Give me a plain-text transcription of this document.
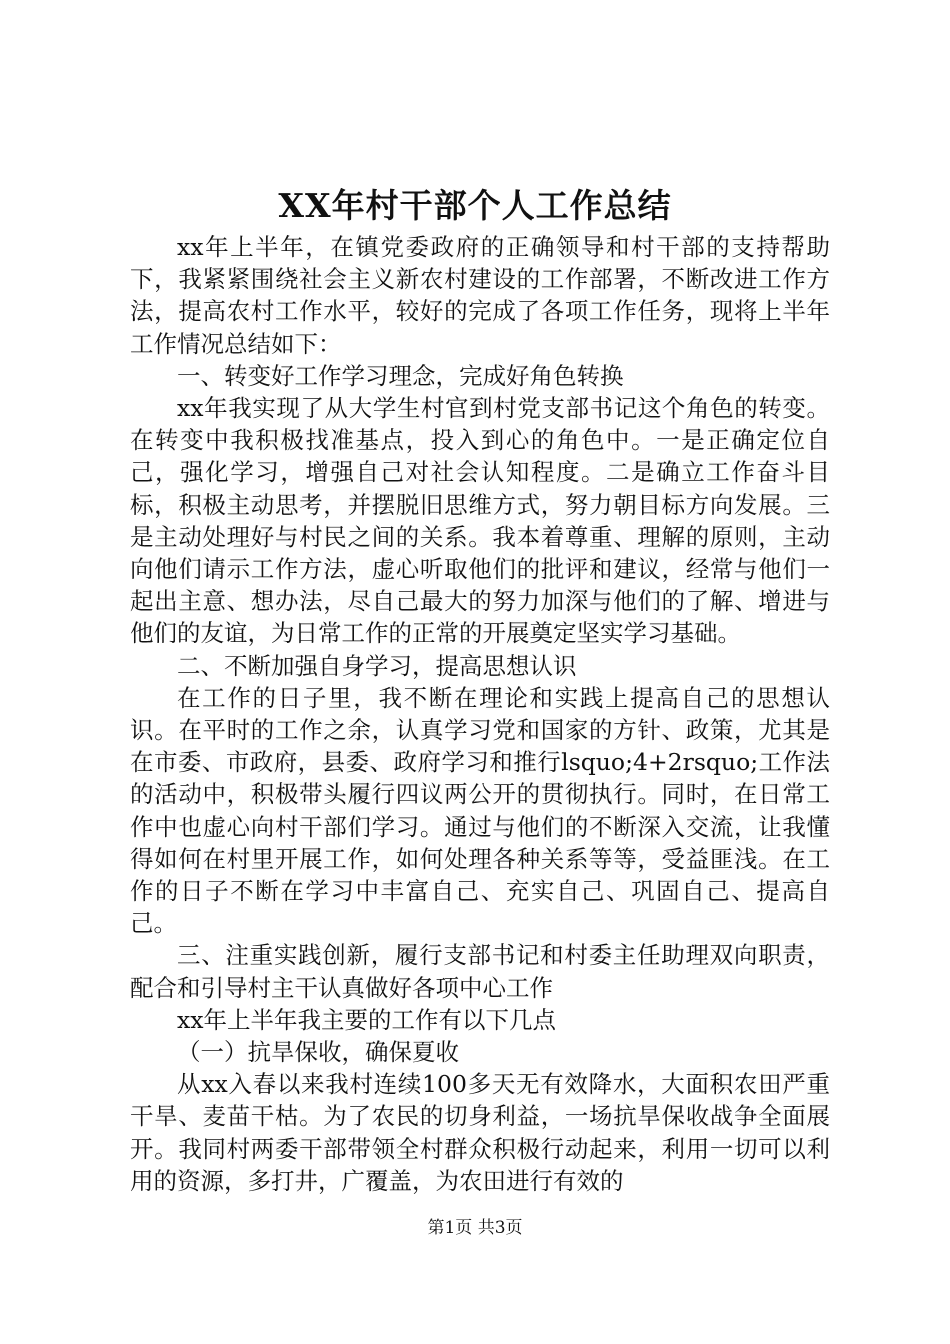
XX年村干部个人工作总结

xx年上半年，在镇党委政府的正确领导和村干部的支持帮助下，我紧紧围绕社会主义新农村建设的工作部署，不断改进工作方法，提高农村工作水平，较好的完成了各项工作任务，现将上半年工作情况总结如下：

一、转变好工作学习理念，完成好角色转换

xx年我实现了从大学生村官到村党支部书记这个角色的转变。在转变中我积极找准基点，投入到心的角色中。一是正确定位自己，强化学习，增强自己对社会认知程度。二是确立工作奋斗目标，积极主动思考，并摆脱旧思维方式，努力朝目标方向发展。三是主动处理好与村民之间的关系。我本着尊重、理解的原则，主动向他们请示工作方法，虚心听取他们的批评和建议，经常与他们一起出主意、想办法，尽自己最大的努力加深与他们的了解、增进与他们的友谊，为日常工作的正常的开展奠定坚实学习基础。

二、不断加强自身学习，提高思想认识

在工作的日子里，我不断在理论和实践上提高自己的思想认识。在平时的工作之余，认真学习党和国家的方针、政策，尤其是在市委、市政府，县委、政府学习和推行lsquo;4+2rsquo;工作法的活动中，积极带头履行四议两公开的贯彻执行。同时，在日常工作中也虚心向村干部们学习。通过与他们的不断深入交流，让我懂得如何在村里开展工作，如何处理各种关系等等，受益匪浅。在工作的日子不断在学习中丰富自己、充实自己、巩固自己、提高自己。

三、注重实践创新，履行支部书记和村委主任助理双向职责，配合和引导村主干认真做好各项中心工作

xx年上半年我主要的工作有以下几点

（一）抗旱保收，确保夏收

从xx入春以来我村连续100多天无有效降水，大面积农田严重干旱、麦苗干枯。为了农民的切身利益，一场抗旱保收战争全面展开。我同村两委干部带领全村群众积极行动起来，利用一切可以利用的资源，多打井，广覆盖，为农田进行有效的

第1页 共3页
